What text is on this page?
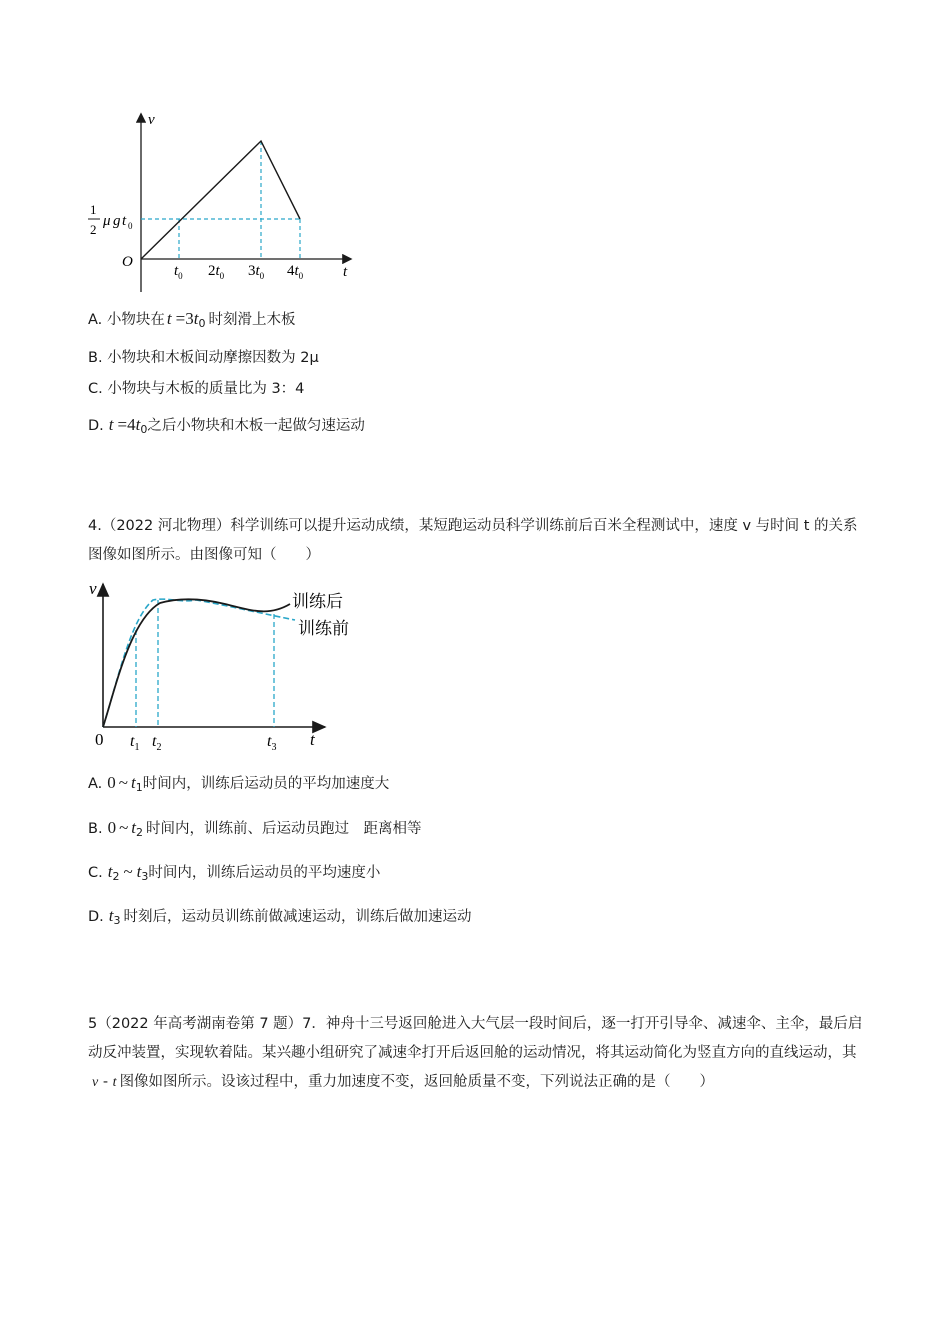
v
t
O
1
2
μ g t 0
$t_0$ $2t_0$ $3t_0$ $4t_0$
A. 小物块在 $t =3t_0$ 时刻滑上木板
B. 小物块和木板间动摩擦因数为 2μ
C. 小物块与木板的质量比为 3：4
D. $t =4t_0$之后小物块和木板一起做匀速运动
4.（2022 河北物理）科学训练可以提升运动成绩，某短跑运动员科学训练前后百米全程测试中，速度 v 与时间 t 的关系图像如图所示。由图像可知（　　）
v
t
0
训练后
训练前
$t_1$ $t_2$	$t_3$
A. 0 ~ $t_1$时间内，训练后运动员的平均加速度大
B. 0 ~ $t_2$ 时间内，训练前、后运动员跑过　距离相等
C. $t_2$ ~ $t_3$时间内，训练后运动员的平均速度小
D. $t_3$ 时刻后，运动员训练前做减速运动，训练后做加速运动
5（2022 年高考湖南卷第 7 题）7．神舟十三号返回舱进入大气层一段时间后，逐一打开引导伞、减速伞、主伞，最后启动反冲装置，实现软着陆。某兴趣小组研究了减速伞打开后返回舱的运动情况，将其运动简化为竖直方向的直线运动，其v - t 图像如图所示。设该过程中，重力加速度不变，返回舱质量不变，下列说法正确的是（　　）
